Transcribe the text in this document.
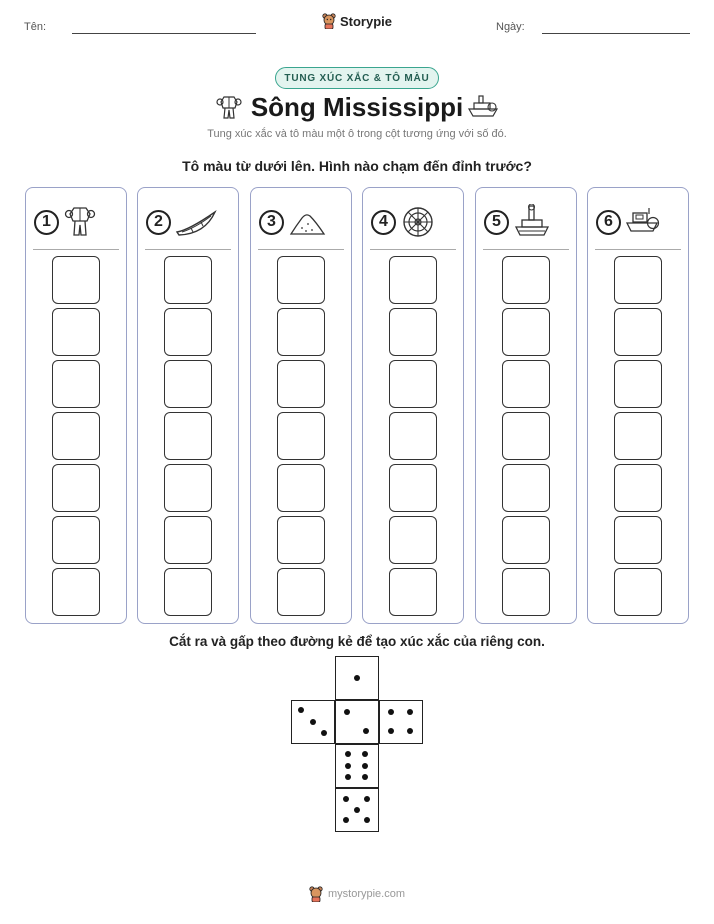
Tên:	Storypie	Ngày:
TUNG XÚC XẮC & TÔ MÀU
Sông Mississippi
Tung xúc xắc và tô màu một ô trong cột tương ứng với số đó.
Tô màu từ dưới lên. Hình nào chạm đến đỉnh trước?
1	2	3	4	5	6
Cắt ra và gấp theo đường kẻ để tạo xúc xắc của riêng con.
mystorypie.com
